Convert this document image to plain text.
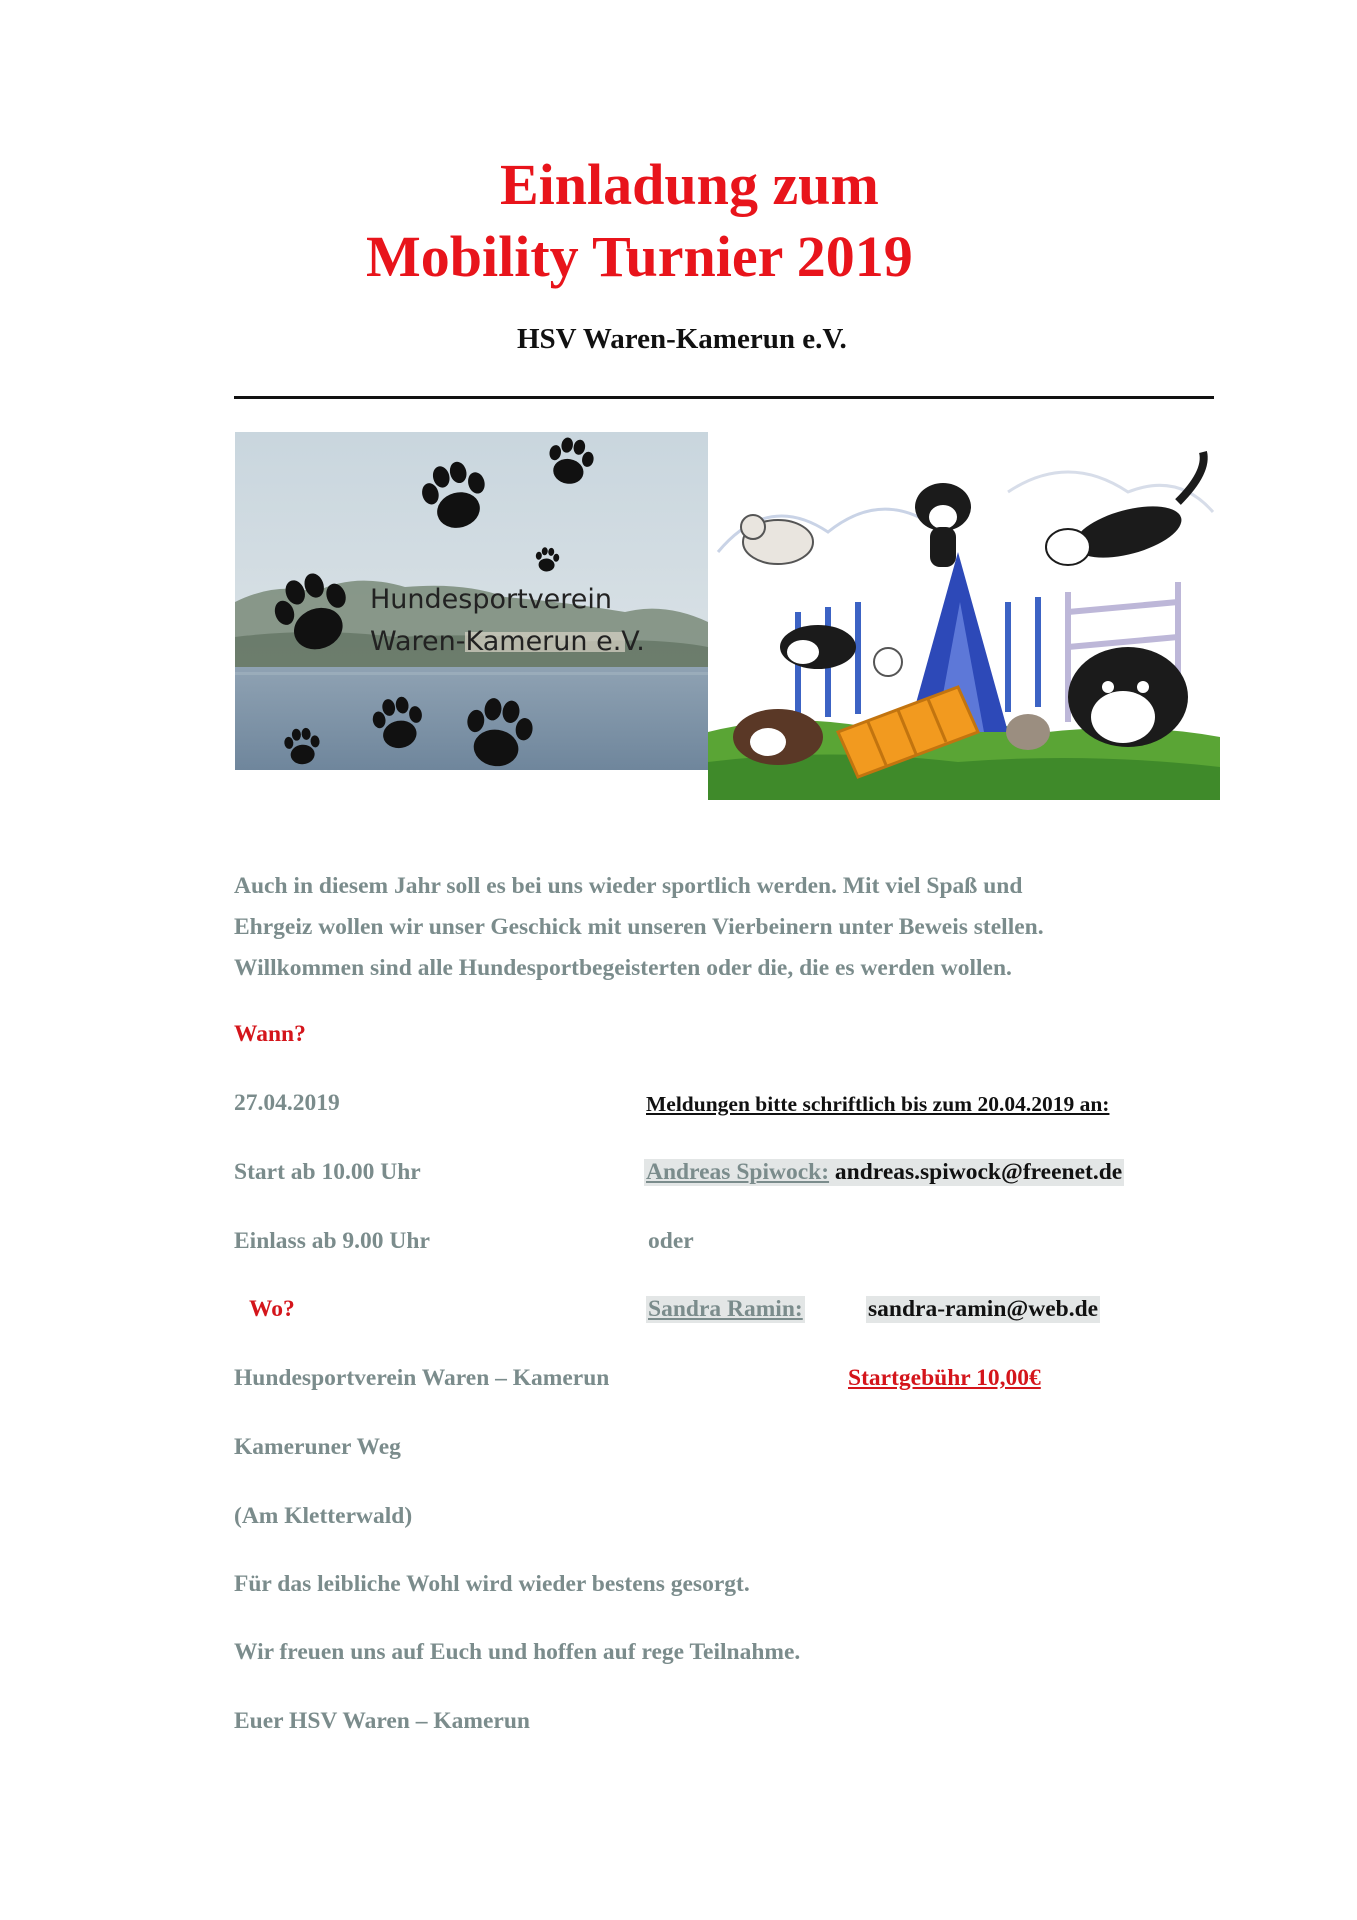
Einladung zum
Mobility Turnier 2019
HSV Waren-Kamerun e.V.
Hundesportverein
Waren-Kamerun e.V.

Auch in diesem Jahr soll es bei uns wieder sportlich werden. Mit viel Spaß und

Ehrgeiz wollen wir unser Geschick mit unseren Vierbeinern unter Beweis stellen.

Willkommen sind alle Hundesportbegeisterten oder die, die es werden wollen.

Wann?
27.04.2019
Start ab 10.00 Uhr
Einlass ab 9.00 Uhr
Wo?
Hundesportverein Waren – Kamerun
Kameruner Weg
(Am Kletterwald)
Meldungen bitte schriftlich bis zum 20.04.2019 an:
Andreas Spiwock: andreas.spiwock@freenet.de
oder
Sandra Ramin:	sandra-ramin@web.de
Startgebühr 10,00€
Für das leibliche Wohl wird wieder bestens gesorgt.
Wir freuen uns auf Euch und hoffen auf rege Teilnahme.
Euer HSV Waren – Kamerun
